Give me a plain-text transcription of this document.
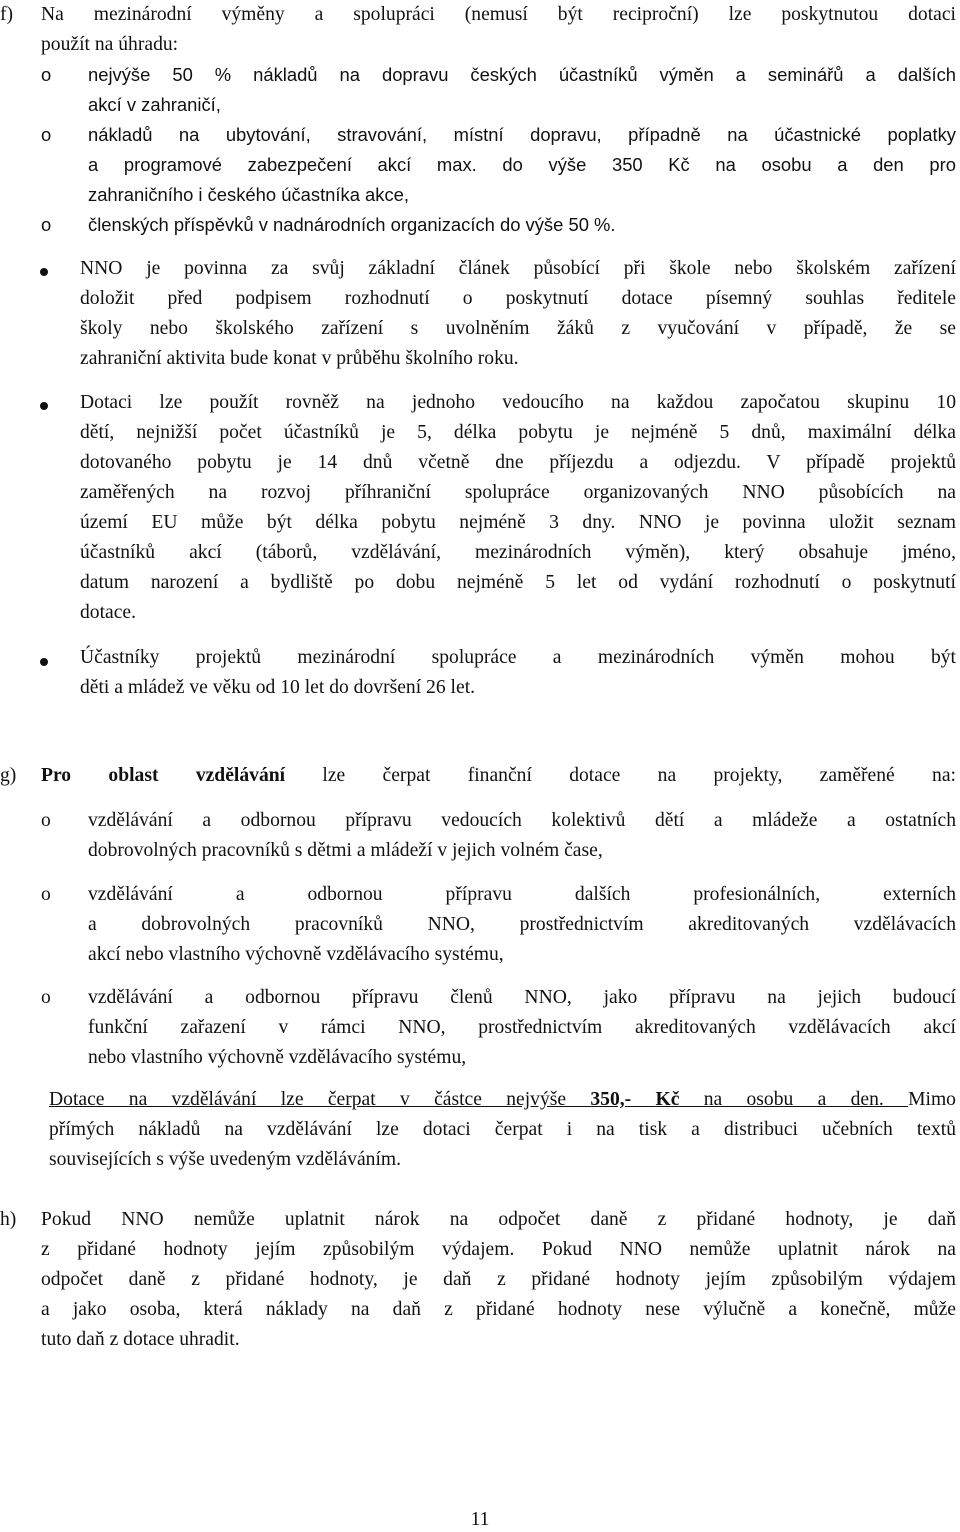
f) Na mezinárodní výměny a spolupráci (nemusí být reciproční) lze poskytnutou dotaci
použít na úhradu:
o nejvýše 50 % nákladů na dopravu českých účastníků výměn a seminářů a dalších
akcí v zahraničí,
o nákladů na ubytování, stravování, místní dopravu, případně na účastnické poplatky
a programové zabezpečení akcí max. do výše 350 Kč na osobu a den pro
zahraničního i českého účastníka akce,
o členských příspěvků v nadnárodních organizacích do výše 50 %.
NNO je povinna za svůj základní článek působící při škole nebo školském zařízení
doložit před podpisem rozhodnutí o poskytnutí dotace písemný souhlas ředitele
školy nebo školského zařízení s uvolněním žáků z vyučování v případě, že se
zahraniční aktivita bude konat v průběhu školního roku.
Dotaci lze použít rovněž na jednoho vedoucího na každou započatou skupinu 10
dětí, nejnižší počet účastníků je 5, délka pobytu je nejméně 5 dnů, maximální délka
dotovaného pobytu je 14 dnů včetně dne příjezdu a odjezdu. V případě projektů
zaměřených na rozvoj příhraniční spolupráce organizovaných NNO působících na
území EU může být délka pobytu nejméně 3 dny. NNO je povinna uložit seznam
účastníků akcí (táborů, vzdělávání, mezinárodních výměn), který obsahuje jméno,
datum narození a bydliště po dobu nejméně 5 let od vydání rozhodnutí o poskytnutí
dotace.
Účastníky projektů mezinárodní spolupráce a mezinárodních výměn mohou být
děti a mládež ve věku od 10 let do dovršení 26 let.
g) Pro oblast vzdělávání lze čerpat finanční dotace na projekty, zaměřené na:
o vzdělávání a odbornou přípravu vedoucích kolektivů dětí a mládeže a ostatních
dobrovolných pracovníků s dětmi a mládeží v jejich volném čase,
o vzdělávání a odbornou přípravu dalších profesionálních, externích
a dobrovolných pracovníků NNO, prostřednictvím akreditovaných vzdělávacích
akcí nebo vlastního výchovně vzdělávacího systému,
o vzdělávání a odbornou přípravu členů NNO, jako přípravu na jejich budoucí
funkční zařazení v rámci NNO, prostřednictvím akreditovaných vzdělávacích akcí
nebo vlastního výchovně vzdělávacího systému,
Dotace na vzdělávání lze čerpat v částce nejvýše 350,- Kč na osobu a den. Mimo
přímých nákladů na vzdělávání lze dotaci čerpat i na tisk a distribuci učebních textů
souvisejících s výše uvedeným vzděláváním.
h) Pokud NNO nemůže uplatnit nárok na odpočet daně z přidané hodnoty, je daň
z přidané hodnoty jejím způsobilým výdajem. Pokud NNO nemůže uplatnit nárok na
odpočet daně z přidané hodnoty, je daň z přidané hodnoty jejím způsobilým výdajem
a jako osoba, která náklady na daň z přidané hodnoty nese výlučně a konečně, může
tuto daň z dotace uhradit.
11
